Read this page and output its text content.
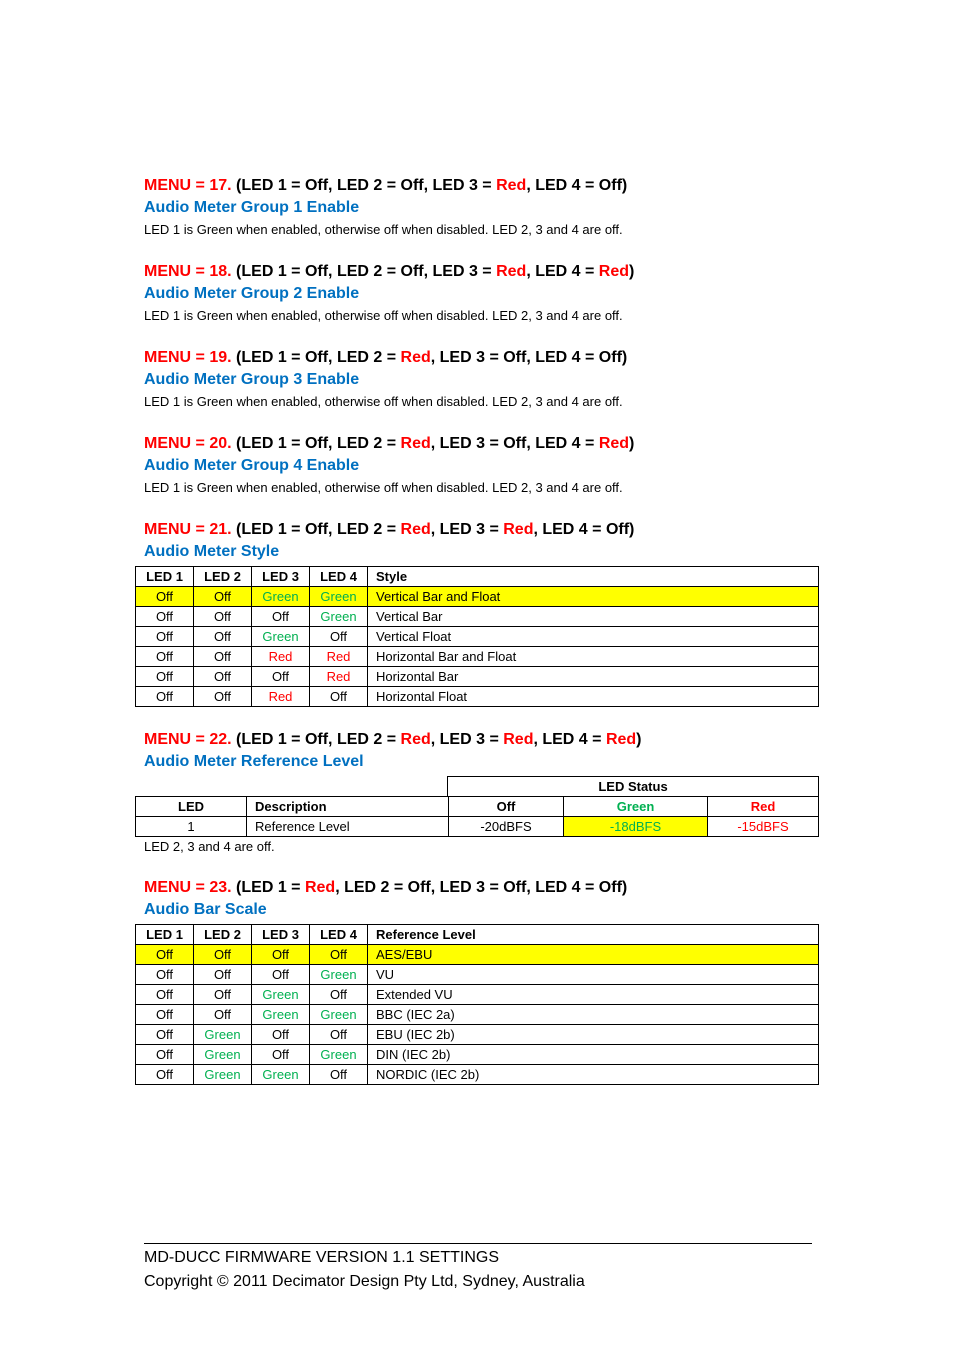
MENU = 17. (LED 1 = Off, LED 2 = Off, LED 3 = Red, LED 4 = Off)
Audio Meter Group 1 Enable
LED 1 is Green when enabled, otherwise off when disabled. LED 2, 3 and 4 are off.
MENU = 18. (LED 1 = Off, LED 2 = Off, LED 3 = Red, LED 4 = Red)
Audio Meter Group 2 Enable
LED 1 is Green when enabled, otherwise off when disabled. LED 2, 3 and 4 are off.
MENU = 19. (LED 1 = Off, LED 2 = Red, LED 3 = Off, LED 4 = Off)
Audio Meter Group 3 Enable
LED 1 is Green when enabled, otherwise off when disabled. LED 2, 3 and 4 are off.
MENU = 20. (LED 1 = Off, LED 2 = Red, LED 3 = Off, LED 4 = Red)
Audio Meter Group 4 Enable
LED 1 is Green when enabled, otherwise off when disabled. LED 2, 3 and 4 are off.
MENU = 21. (LED 1 = Off, LED 2 = Red, LED 3 = Red, LED 4 = Off)
Audio Meter Style
LED 1	LED 2	LED 3	LED 4	Style
Off	Off	Green	Green	Vertical Bar and Float
Off	Off	Off	Green	Vertical Bar
Off	Off	Green	Off	Vertical Float
Off	Off	Red	Red	Horizontal Bar and Float
Off	Off	Off	Red	Horizontal Bar
Off	Off	Red	Off	Horizontal Float
MENU = 22. (LED 1 = Off, LED 2 = Red, LED 3 = Red, LED 4 = Red)
Audio Meter Reference Level
LED Status
LED	Description	Off	Green	Red
1	Reference Level	-20dBFS	-18dBFS	-15dBFS
LED 2, 3 and 4 are off.
MENU = 23. (LED 1 = Red, LED 2 = Off, LED 3 = Off, LED 4 = Off)
Audio Bar Scale
LED 1	LED 2	LED 3	LED 4	Reference Level
Off	Off	Off	Off	AES/EBU
Off	Off	Off	Green	VU
Off	Off	Green	Off	Extended VU
Off	Off	Green	Green	BBC (IEC 2a)
Off	Green	Off	Off	EBU (IEC 2b)
Off	Green	Off	Green	DIN (IEC 2b)
Off	Green	Green	Off	NORDIC (IEC 2b)
MD-DUCC FIRMWARE VERSION 1.1 SETTINGS
Copyright © 2011 Decimator Design Pty Ltd, Sydney, Australia
